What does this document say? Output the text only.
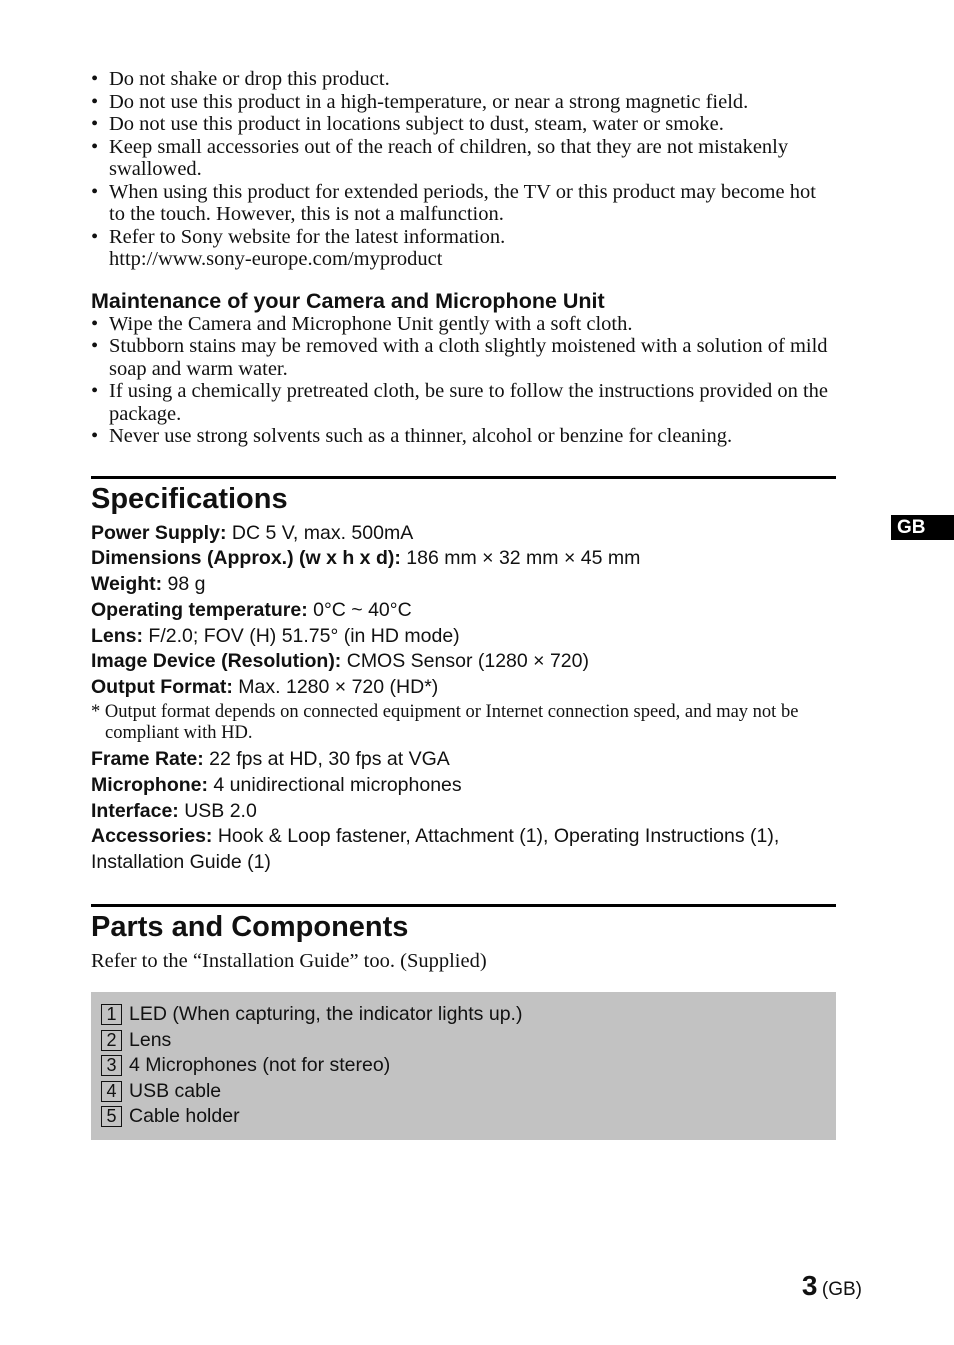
• Do not shake or drop this product.
• Do not use this product in a high-temperature, or near a strong magnetic field.
• Do not use this product in locations subject to dust, steam, water or smoke.
• Keep small accessories out of the reach of children, so that they are not mistakenly swallowed.
• When using this product for extended periods, the TV or this product may become hot to the touch. However, this is not a malfunction.
• Refer to Sony website for the latest information.
http://www.sony-europe.com/myproduct
Maintenance of your Camera and Microphone Unit
• Wipe the Camera and Microphone Unit gently with a soft cloth.
• Stubborn stains may be removed with a cloth slightly moistened with a solution of mild soap and warm water.
• If using a chemically pretreated cloth, be sure to follow the instructions provided on the package.
• Never use strong solvents such as a thinner, alcohol or benzine for cleaning.
Specifications
Power Supply: DC 5 V, max. 500mA
Dimensions (Approx.) (w x h x d): 186 mm × 32 mm × 45 mm
Weight: 98 g
Operating temperature: 0°C ~ 40°C
Lens: F/2.0; FOV (H) 51.75° (in HD mode)
Image Device (Resolution): CMOS Sensor (1280 × 720)
Output Format: Max. 1280 × 720 (HD*)
* Output format depends on connected equipment or Internet connection speed, and may not be compliant with HD.
Frame Rate: 22 fps at HD, 30 fps at VGA
Microphone: 4 unidirectional microphones
Interface: USB 2.0
Accessories: Hook & Loop fastener, Attachment (1), Operating Instructions (1), Installation Guide (1)
Parts and Components

Refer to the “Installation Guide” too. (Supplied)

1 LED (When capturing, the indicator lights up.)
2 Lens
3 4 Microphones (not for stereo)
4 USB cable
5 Cable holder
GB
3 (GB)
